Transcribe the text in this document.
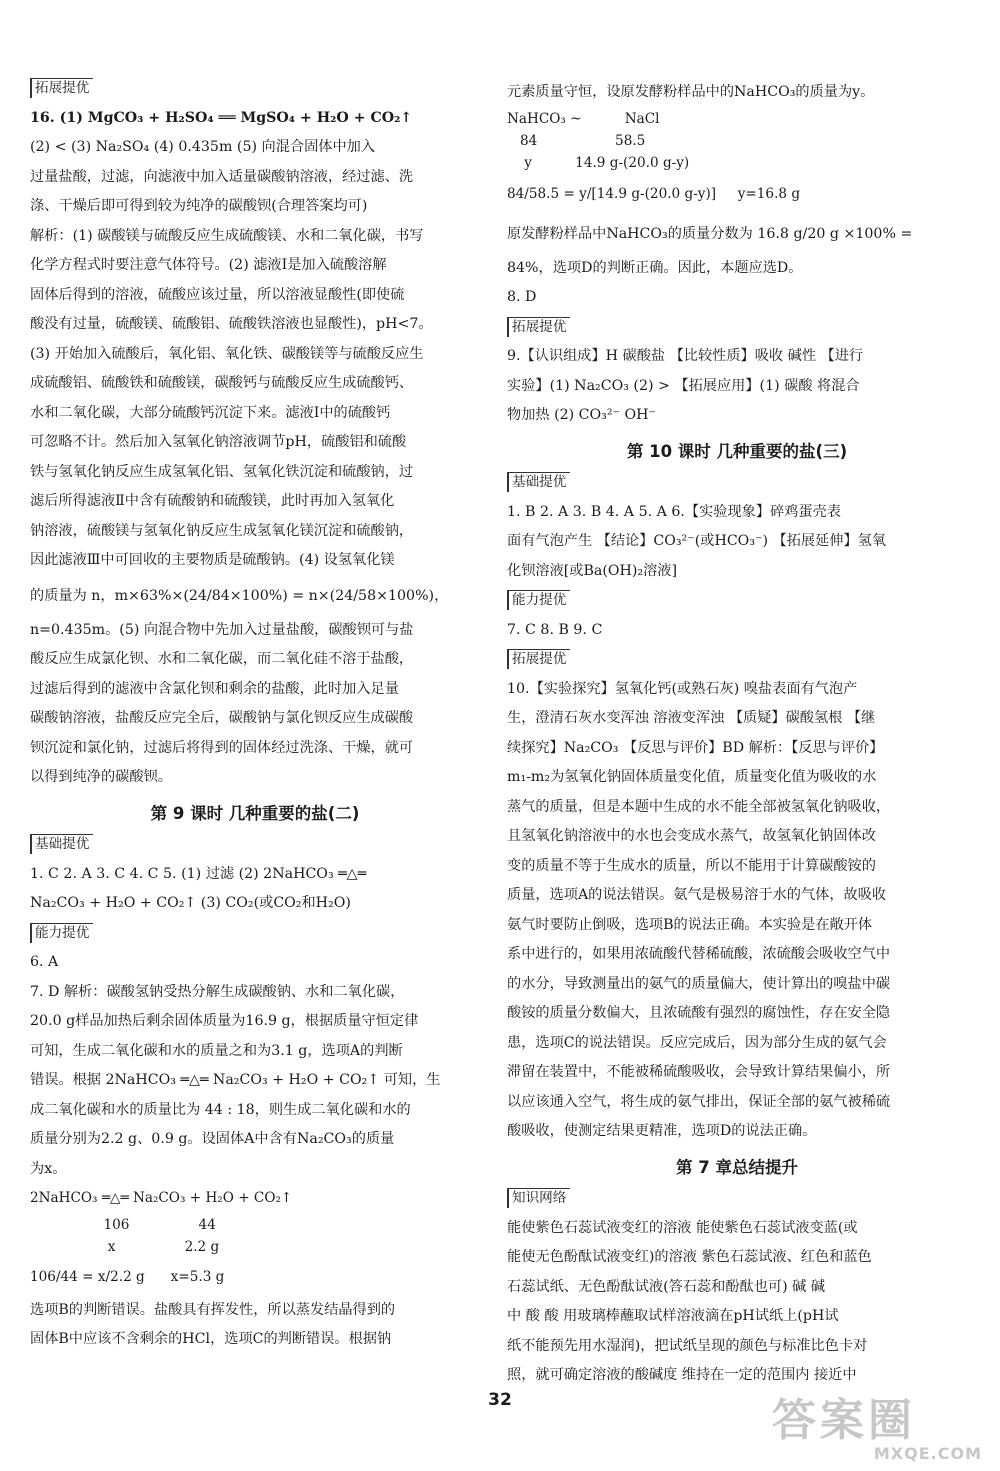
拓展提优

16. (1) MgCO₃ + H₂SO₄ ══ MgSO₄ + H₂O + CO₂↑

(2) < (3) Na₂SO₄ (4) 0.435m (5) 向混合固体中加入

过量盐酸，过滤，向滤液中加入适量碳酸钠溶液，经过滤、洗

涤、干燥后即可得到较为纯净的碳酸钡(合理答案均可)

解析：(1) 碳酸镁与硫酸反应生成硫酸镁、水和二氧化碳，书写

化学方程式时要注意气体符号。(2) 滤液Ⅰ是加入硫酸溶解

固体后得到的溶液，硫酸应该过量，所以溶液显酸性(即使硫

酸没有过量，硫酸镁、硫酸铝、硫酸铁溶液也显酸性)，pH<7。

(3) 开始加入硫酸后，氧化铝、氧化铁、碳酸镁等与硫酸反应生

成硫酸铝、硫酸铁和硫酸镁，碳酸钙与硫酸反应生成硫酸钙、

水和二氧化碳，大部分硫酸钙沉淀下来。滤液Ⅰ中的硫酸钙

可忽略不计。然后加入氢氧化钠溶液调节pH，硫酸铝和硫酸

铁与氢氧化钠反应生成氢氧化铝、氢氧化铁沉淀和硫酸钠，过

滤后所得滤液Ⅱ中含有硫酸钠和硫酸镁，此时再加入氢氧化

钠溶液，硫酸镁与氢氧化钠反应生成氢氧化镁沉淀和硫酸钠，

因此滤液Ⅲ中可回收的主要物质是硫酸钠。(4) 设氢氧化镁

的质量为 n，m×63%×(24/84×100%) = n×(24/58×100%)，

n=0.435m。(5) 向混合物中先加入过量盐酸，碳酸钡可与盐

酸反应生成氯化钡、水和二氧化碳，而二氧化硅不溶于盐酸，

过滤后得到的滤液中含氯化钡和剩余的盐酸，此时加入足量

碳酸钠溶液，盐酸反应完全后，碳酸钠与氯化钡反应生成碳酸

钡沉淀和氯化钠，过滤后将得到的固体经过洗涤、干燥，就可

以得到纯净的碳酸钡。

第 9 课时 几种重要的盐(二)
基础提优

1. C 2. A 3. C 4. C 5. (1) 过滤 (2) 2NaHCO₃ ═△═

Na₂CO₃ + H₂O + CO₂↑ (3) CO₂(或CO₂和H₂O)

能力提优

6. A

7. D 解析：碳酸氢钠受热分解生成碳酸钠、水和二氧化碳，

20.0 g样品加热后剩余固体质量为16.9 g，根据质量守恒定律

可知，生成二氧化碳和水的质量之和为3.1 g，选项A的判断

错误。根据 2NaHCO₃ ═△═ Na₂CO₃ + H₂O + CO₂↑ 可知，生

成二氧化碳和水的质量比为 44 : 18，则生成二氧化碳和水的

质量分别为2.2 g、0.9 g。设固体A中含有Na₂CO₃的质量

为x。

2NaHCO₃ ═△═ Na₂CO₃ + H₂O + CO₂↑

106                44

x                2.2 g

106/44 = x/2.2 g      x=5.3 g

选项B的判断错误。盐酸具有挥发性，所以蒸发结晶得到的

固体B中应该不含剩余的HCl，选项C的判断错误。根据钠

元素质量守恒，设原发酵粉样品中的NaHCO₃的质量为y。

NaHCO₃ ~          NaCl

84                  58.5

y          14.9 g-(20.0 g-y)

84/58.5 = y/[14.9 g-(20.0 g-y)]     y=16.8 g

原发酵粉样品中NaHCO₃的质量分数为 16.8 g/20 g ×100% =

84%，选项D的判断正确。因此，本题应选D。

8. D

拓展提优

9.【认识组成】H 碳酸盐 【比较性质】吸收 碱性 【进行

实验】(1) Na₂CO₃ (2) > 【拓展应用】(1) 碳酸 将混合

物加热 (2) CO₃²⁻ OH⁻

第 10 课时 几种重要的盐(三)
基础提优

1. B 2. A 3. B 4. A 5. A 6.【实验现象】碎鸡蛋壳表

面有气泡产生 【结论】CO₃²⁻(或HCO₃⁻) 【拓展延伸】氢氧

化钡溶液[或Ba(OH)₂溶液]

能力提优

7. C 8. B 9. C

拓展提优

10.【实验探究】氢氧化钙(或熟石灰) 嗅盐表面有气泡产

生，澄清石灰水变浑浊 溶液变浑浊 【质疑】碳酸氢根 【继

续探究】Na₂CO₃ 【反思与评价】BD 解析：【反思与评价】

m₁-m₂为氢氧化钠固体质量变化值，质量变化值为吸收的水

蒸气的质量，但是本题中生成的水不能全部被氢氧化钠吸收，

且氢氧化钠溶液中的水也会变成水蒸气，故氢氧化钠固体改

变的质量不等于生成水的质量，所以不能用于计算碳酸铵的

质量，选项A的说法错误。氨气是极易溶于水的气体，故吸收

氨气时要防止倒吸，选项B的说法正确。本实验是在敞开体

系中进行的，如果用浓硫酸代替稀硫酸，浓硫酸会吸收空气中

的水分，导致测量出的氨气的质量偏大，使计算出的嗅盐中碳

酸铵的质量分数偏大，且浓硫酸有强烈的腐蚀性，存在安全隐

患，选项C的说法错误。反应完成后，因为部分生成的氨气会

滞留在装置中，不能被稀硫酸吸收，会导致计算结果偏小，所

以应该通入空气，将生成的氨气排出，保证全部的氨气被稀硫

酸吸收，使测定结果更精准，选项D的说法正确。

第 7 章总结提升
知识网络

能使紫色石蕊试液变红的溶液 能使紫色石蕊试液变蓝(或

能使无色酚酞试液变红)的溶液 紫色石蕊试液、红色和蓝色

石蕊试纸、无色酚酞试液(答石蕊和酚酞也可) 碱 碱

中 酸 酸 用玻璃棒蘸取试样溶液滴在pH试纸上(pH试

纸不能预先用水湿润)，把试纸呈现的颜色与标准比色卡对

照，就可确定溶液的酸碱度 维持在一定的范围内 接近中

32	答案圈
MXQE.COM
